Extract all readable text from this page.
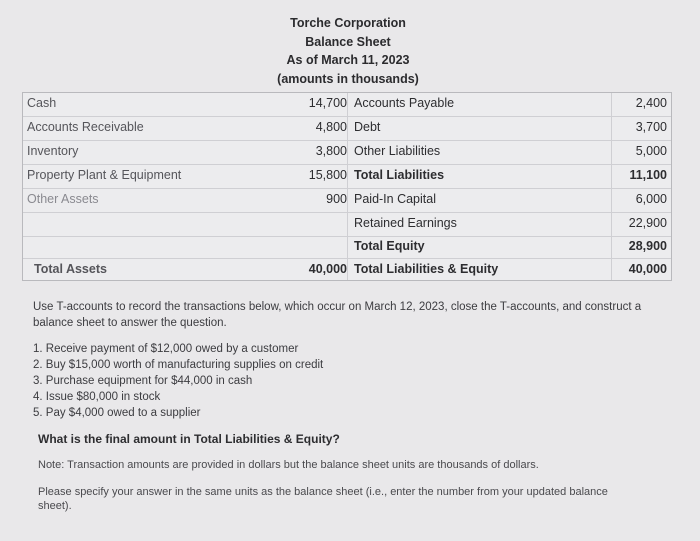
Torche Corporation
Balance Sheet
As of March 11, 2023
(amounts in thousands)
Cash	14,700 Accounts Payable	2,400
Accounts Receivable	4,800 Debt	3,700
Inventory	3,800 Other Liabilities	5,000
Property Plant & Equipment	15,800 Total Liabilities	11,100
Other Assets	900 Paid-In Capital	6,000
Retained Earnings	22,900
Total Equity	28,900
Total Assets	40,000 Total Liabilities & Equity	40,000
Use T-accounts to record the transactions below, which occur on March 12, 2023, close the T-accounts, and construct a balance sheet to answer the question.
1. Receive payment of $12,000 owed by a customer
2. Buy $15,000 worth of manufacturing supplies on credit
3. Purchase equipment for $44,000 in cash
4. Issue $80,000 in stock
5. Pay $4,000 owed to a supplier
What is the final amount in Total Liabilities & Equity?
Note: Transaction amounts are provided in dollars but the balance sheet units are thousands of dollars.
Please specify your answer in the same units as the balance sheet (i.e., enter the number from your updated balance sheet).
